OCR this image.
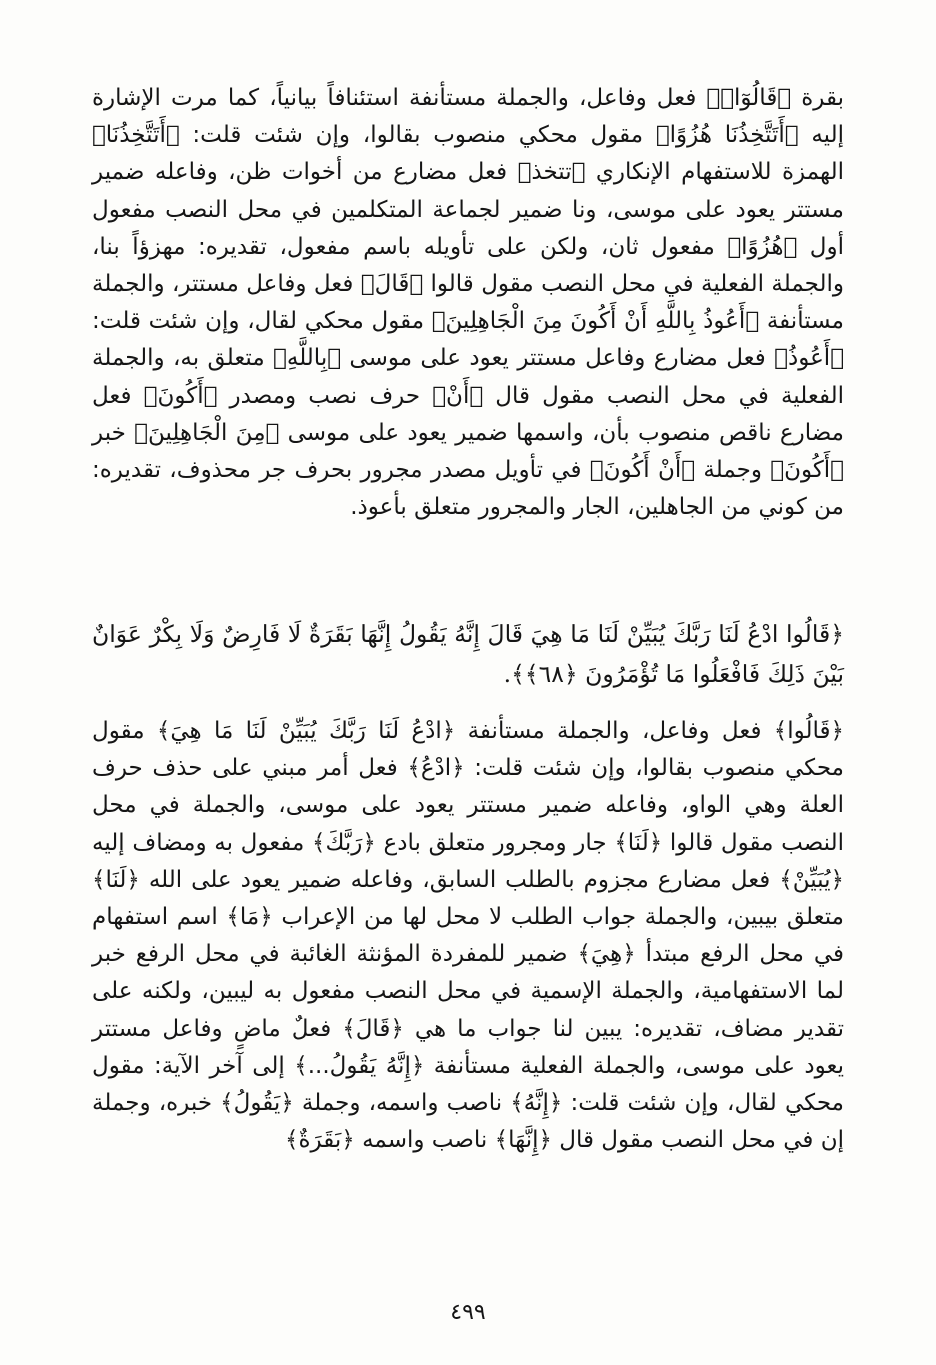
بقرة ﴿قَالُوٓا۟﴾ فعل وفاعل، والجملة مستأنفة استئنافاً بيانياً، كما مرت الإشارة إليه ﴿أَتَتَّخِذُنَا هُزُوًا﴾ مقول محكي منصوب بقالوا، وإن شئت قلت: ﴿أَتَتَّخِذُنَا﴾ الهمزة للاستفهام الإنكاري ﴿تتخذ﴾ فعل مضارع من أخوات ظن، وفاعله ضمير مستتر يعود على موسى، ونا ضمير لجماعة المتكلمين في محل النصب مفعول أول ﴿هُزُوًا﴾ مفعول ثان، ولكن على تأويله باسم مفعول، تقديره: مهزؤاً بنا، والجملة الفعلية في محل النصب مقول قالوا ﴿قَالَ﴾ فعل وفاعل مستتر، والجملة مستأنفة ﴿أَعُوذُ بِاللَّهِ أَنْ أَكُونَ مِنَ الْجَاهِلِينَ﴾ مقول محكي لقال، وإن شئت قلت: ﴿أَعُوذُ﴾ فعل مضارع وفاعل مستتر يعود على موسى ﴿بِاللَّهِ﴾ متعلق به، والجملة الفعلية في محل النصب مقول قال ﴿أَنْ﴾ حرف نصب ومصدر ﴿أَكُونَ﴾ فعل مضارع ناقص منصوب بأن، واسمها ضمير يعود على موسى ﴿مِنَ الْجَاهِلِينَ﴾ خبر ﴿أَكُونَ﴾ وجملة ﴿أَنْ أَكُونَ﴾ في تأويل مصدر مجرور بحرف جر محذوف، تقديره: من كوني من الجاهلين، الجار والمجرور متعلق بأعوذ.

﴿قَالُوا ادْعُ لَنَا رَبَّكَ يُبَيِّنْ لَنَا مَا هِيَ قَالَ إِنَّهُ يَقُولُ إِنَّهَا بَقَرَةٌ لَا فَارِضٌ وَلَا بِكْرٌ عَوَانٌ بَيْنَ ذَلِكَ فَافْعَلُوا مَا تُؤْمَرُونَ ﴿٦٨﴾﴾.

﴿قَالُوا﴾ فعل وفاعل، والجملة مستأنفة ﴿ادْعُ لَنَا رَبَّكَ يُبَيِّنْ لَنَا مَا هِيَ﴾ مقول محكي منصوب بقالوا، وإن شئت قلت: ﴿ادْعُ﴾ فعل أمر مبني على حذف حرف العلة وهي الواو، وفاعله ضمير مستتر يعود على موسى، والجملة في محل النصب مقول قالوا ﴿لَنَا﴾ جار ومجرور متعلق بادع ﴿رَبَّكَ﴾ مفعول به ومضاف إليه ﴿يُبَيِّنْ﴾ فعل مضارع مجزوم بالطلب السابق، وفاعله ضمير يعود على الله ﴿لَنَا﴾ متعلق بيبين، والجملة جواب الطلب لا محل لها من الإعراب ﴿مَا﴾ اسم استفهام في محل الرفع مبتدأ ﴿هِيَ﴾ ضمير للمفردة المؤنثة الغائبة في محل الرفع خبر لما الاستفهامية، والجملة الإسمية في محل النصب مفعول به ليبين، ولكنه على تقدير مضاف، تقديره: يبين لنا جواب ما هي ﴿قَالَ﴾ فعلٌ ماضٍ وفاعل مستتر يعود على موسى، والجملة الفعلية مستأنفة ﴿إِنَّهُ يَقُولُ...﴾ إلى آخر الآية: مقول محكي لقال، وإن شئت قلت: ﴿إِنَّهُ﴾ ناصب واسمه، وجملة ﴿يَقُولُ﴾ خبره، وجملة إن في محل النصب مقول قال ﴿إِنَّهَا﴾ ناصب واسمه ﴿بَقَرَةٌ﴾

٤٩٩
